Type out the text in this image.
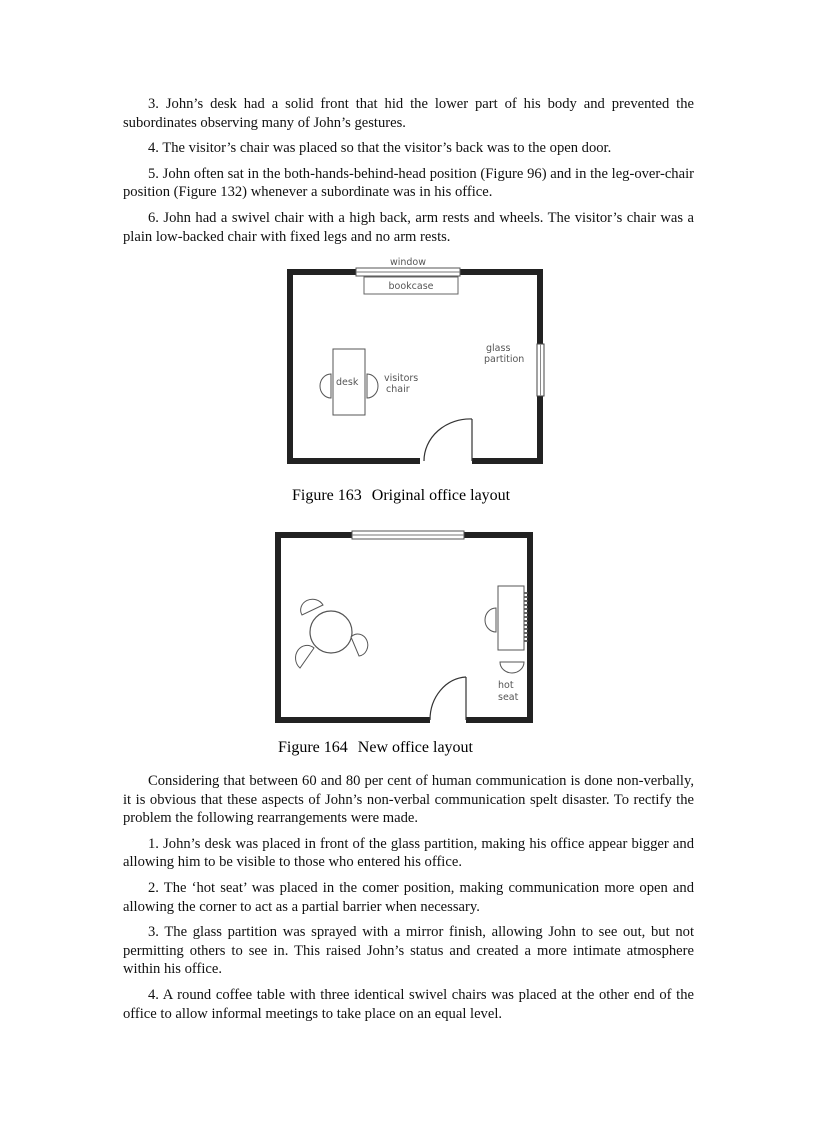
3. John’s desk had a solid front that hid the lower part of his body and prevented the subordinates observing many of John’s gestures.

4. The visitor’s chair was placed so that the visitor’s back was to the open door.

5. John often sat in the both-hands-behind-head position (Figure 96) and in the leg-over-chair position (Figure 132) whenever a subordinate was in his office.

6. John had a swivel chair with a high back, arm rests and wheels. The visitor’s chair was a plain low-backed chair with fixed legs and no arm rests.

window
bookcase
glass
partition
desk	visitors
chair
Figure 163 Original office layout
hot
seat
Figure 164 New office layout

Considering that between 60 and 80 per cent of human communication is done non-verbally, it is obvious that these aspects of John’s non-verbal communication spelt disaster. To rectify the problem the following rearrangements were made.

1. John’s desk was placed in front of the glass partition, making his office appear bigger and allowing him to be visible to those who entered his office.

2. The ‘hot seat’ was placed in the comer position, making communication more open and allowing the corner to act as a partial barrier when necessary.

3. The glass partition was sprayed with a mirror finish, allowing John to see out, but not permitting others to see in. This raised John’s status and created a more intimate atmosphere within his office.

4. A round coffee table with three identical swivel chairs was placed at the other end of the office to allow informal meetings to take place on an equal level.
